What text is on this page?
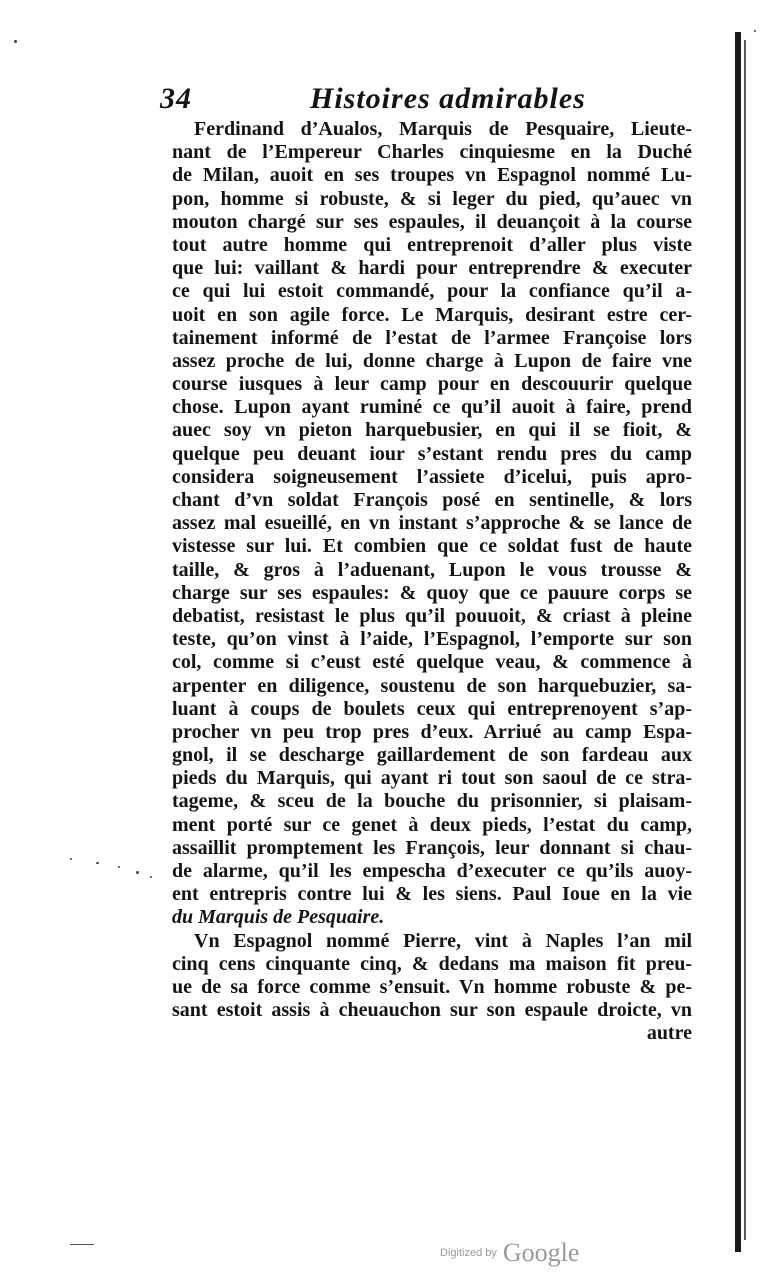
34	Histoires admirables
Ferdinand d’Aualos, Marquis de Pesquaire, Lieute-
nant de l’Empereur Charles cinquiesme en la Duché
de Milan, auoit en ses troupes vn Espagnol nommé Lu-
pon, homme si robuste, & si leger du pied, qu’auec vn
mouton chargé sur ses espaules, il deuançoit à la course
tout autre homme qui entreprenoit d’aller plus viste
que lui: vaillant & hardi pour entreprendre & executer
ce qui lui estoit commandé, pour la confiance qu’il a-
uoit en son agile force. Le Marquis, desirant estre cer-
tainement informé de l’estat de l’armee Françoise lors
assez proche de lui, donne charge à Lupon de faire vne
course iusques à leur camp pour en descouurir quelque
chose. Lupon ayant ruminé ce qu’il auoit à faire, prend
auec soy vn pieton harquebusier, en qui il se fioit, &
quelque peu deuant iour s’estant rendu pres du camp
considera soigneusement l’assiete d’icelui, puis apro-
chant d’vn soldat François posé en sentinelle, & lors
assez mal esueillé, en vn instant s’approche & se lance de
vistesse sur lui. Et combien que ce soldat fust de haute
taille, & gros à l’aduenant, Lupon le vous trousse &
charge sur ses espaules: & quoy que ce pauure corps se
debatist, resistast le plus qu’il pouuoit, & criast à pleine
teste, qu’on vinst à l’aide, l’Espagnol, l’emporte sur son
col, comme si c’eust esté quelque veau, & commence à
arpenter en diligence, soustenu de son harquebuzier, sa-
luant à coups de boulets ceux qui entreprenoyent s’ap-
procher vn peu trop pres d’eux. Arriué au camp Espa-
gnol, il se descharge gaillardement de son fardeau aux
pieds du Marquis, qui ayant ri tout son saoul de ce stra-
tageme, & sceu de la bouche du prisonnier, si plaisam-
ment porté sur ce genet à deux pieds, l’estat du camp,
assaillit promptement les François, leur donnant si chau-
de alarme, qu’il les empescha d’executer ce qu’ils auoy-
ent entrepris contre lui & les siens. Paul Ioue en la vie
du Marquis de Pesquaire.
Vn Espagnol nommé Pierre, vint à Naples l’an mil
cinq cens cinquante cinq, & dedans ma maison fit preu-
ue de sa force comme s’ensuit. Vn homme robuste & pe-
sant estoit assis à cheuauchon sur son espaule droicte, vn
autre
Digitized by Google
